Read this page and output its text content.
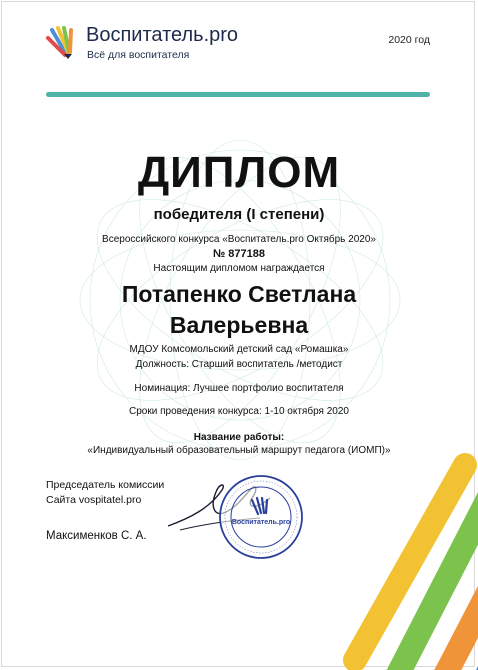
Воспитатель.pro
Всё для воспитателя
2020 год
ДИПЛОМ
победителя (I степени)
Всероссийского конкурса «Воспитатель.pro Октябрь 2020»
№ 877188
Настоящим дипломом награждается
Потапенко Светлана
Валерьевна
МДОУ Комсомольский детский сад «Ромашка»
Должность: Старший воспитатель /методист
Номинация: Лучшее портфолио воспитателя
Сроки проведения конкурса: 1-10 октября 2020
Название работы:
«Индивидуальный образовательный маршрут педагога (ИОМП)»
Председатель комиссии
Сайта vospitatel.pro
Максименков С. А.
Воспитатель.pro
